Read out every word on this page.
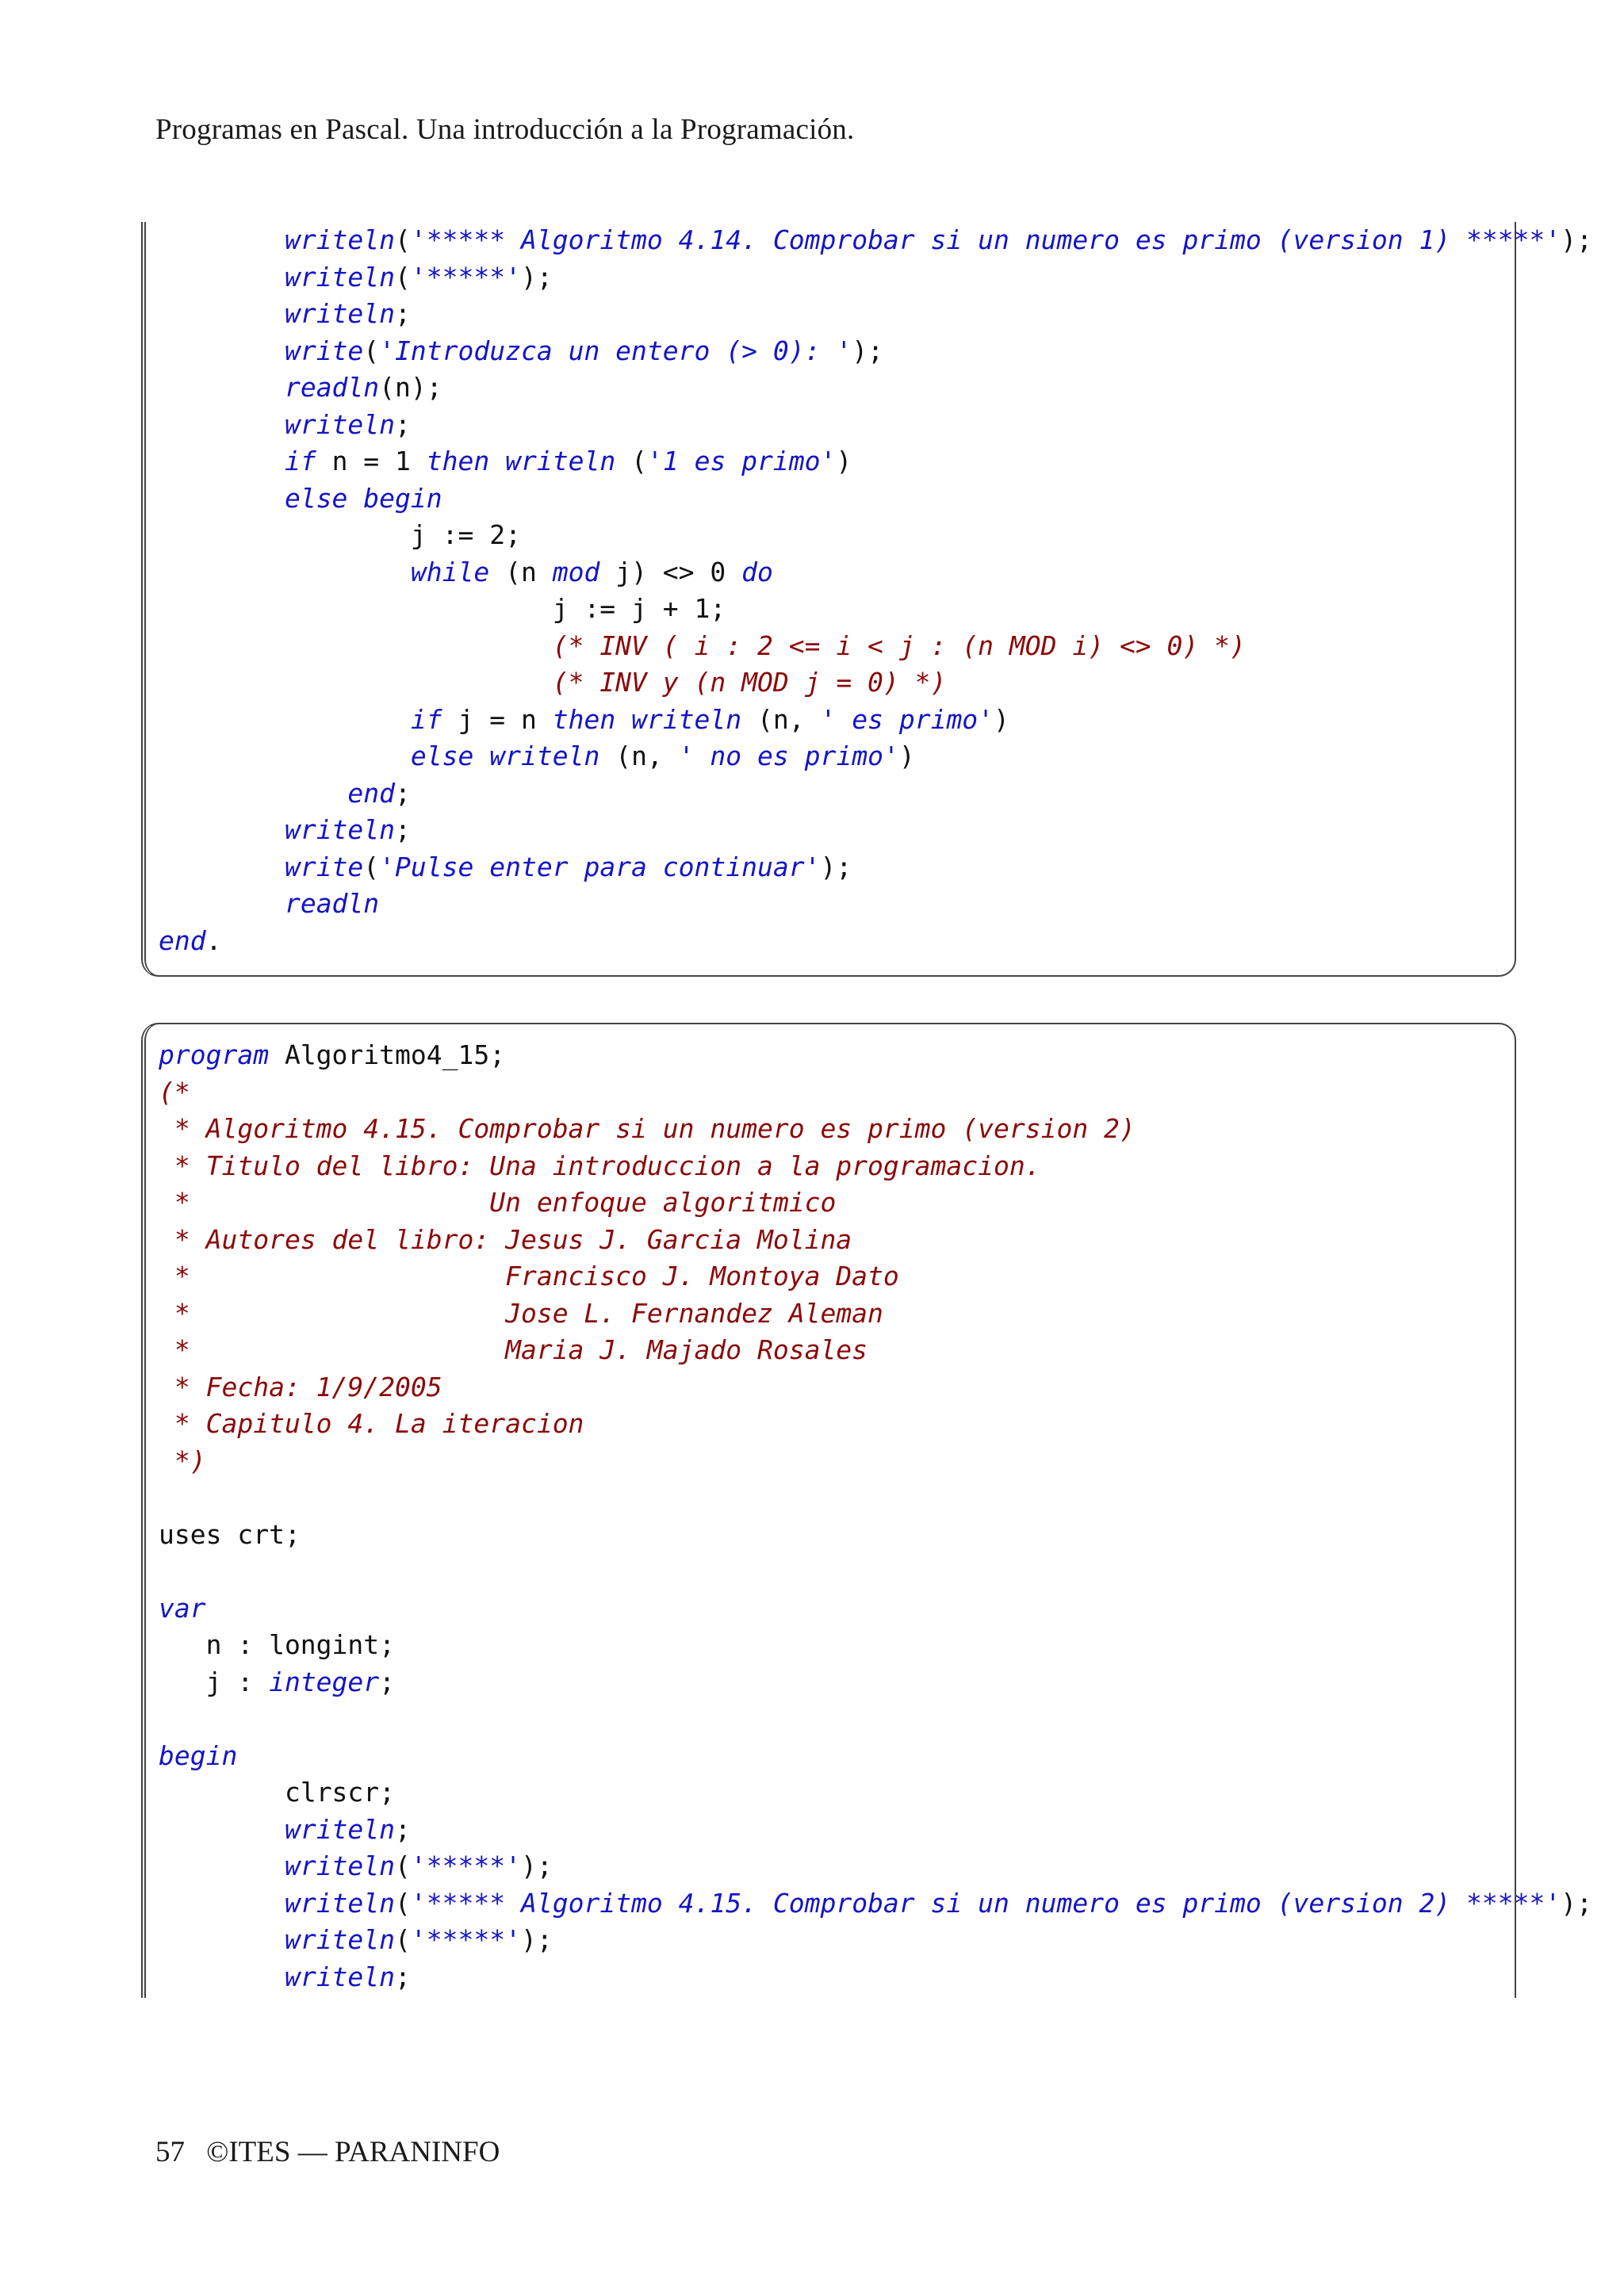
Programas en Pascal. Una introducción a la Programación.
writeln('***** Algoritmo 4.14. Comprobar si un numero es primo (version 1) *****');
writeln('*****');
writeln;
write('Introduzca un entero (> 0): ');
readln(n);
writeln;
if n = 1 then writeln ('1 es primo')
else begin
j := 2;
while (n mod j) <> 0 do
j := j + 1;
(* INV ( i : 2 <= i < j : (n MOD i) <> 0) *)
(* INV y (n MOD j = 0) *)
if j = n then writeln (n, ' es primo')
else writeln (n, ' no es primo')
end;
writeln;
write('Pulse enter para continuar');
readln
end.
program Algoritmo4_15;
(*
* Algoritmo 4.15. Comprobar si un numero es primo (version 2)
* Titulo del libro: Una introduccion a la programacion.
*                   Un enfoque algoritmico
* Autores del libro: Jesus J. Garcia Molina
*                    Francisco J. Montoya Dato
*                    Jose L. Fernandez Aleman
*                    Maria J. Majado Rosales
* Fecha: 1/9/2005
* Capitulo 4. La iteracion
*)
uses crt;
var
n : longint;
j : integer;
begin
clrscr;
writeln;
writeln('*****');
writeln('***** Algoritmo 4.15. Comprobar si un numero es primo (version 2) *****');
writeln('*****');
writeln;
57 ©ITES — PARANINFO
